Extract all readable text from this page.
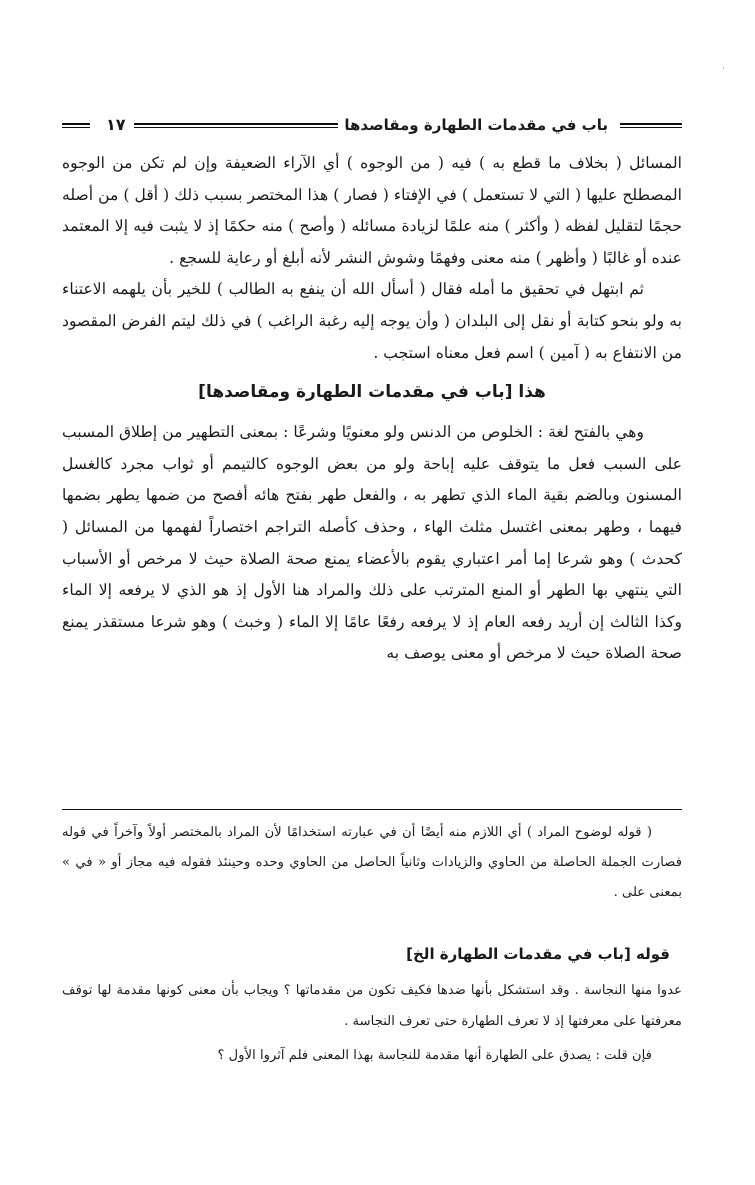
'
١٧	باب في مقدمات الطهارة ومقاصدها

المسائل ( بخلاف ما قطع به ) فيه ( من الوجوه ) أي الآراء الضعيفة وإن لم تكن من الوجوه المصطلح عليها ( التي لا تستعمل ) في الإفتاء ( فصار ) هذا المختصر بسبب ذلك ( أقل ) من أصله حجمًا لتقليل لفظه ( وأكثر ) منه علمًا لزيادة مسائله ( وأصح ) منه حكمًا إذ لا يثبت فيه إلا المعتمد عنده أو غالبًا ( وأظهر ) منه معنى وفهمًا وشوش النشر لأنه أبلغ أو رعاية للسجع .

ثم ابتهل في تحقيق ما أمله فقال ( أسأل الله أن ينفع به الطالب ) للخير بأن يلهمه الاعتناء به ولو بنحو كتابة أو نقل إلى البلدان ( وأن يوجه إليه رغبة الراغب ) في ذلك ليتم الفرض المقصود من الانتفاع به ( آمين ) اسم فعل معناه استجب .

هذا [باب في مقدمات الطهارة ومقاصدها]

وهي بالفتح لغة : الخلوص من الدنس ولو معنويًا وشرعًا : بمعنى التطهير من إطلاق المسبب على السبب فعل ما يتوقف عليه إباحة ولو من بعض الوجوه كالتيمم أو ثواب مجرد كالغسل المسنون وبالضم بقية الماء الذي تطهر به ، والفعل طهر بفتح هائه أفصح من ضمها يطهر بضمها فيهما ، وطهر بمعنى اغتسل مثلث الهاء ، وحذف كأصله التراجم اختصاراً لفهمها من المسائل ( كحدث ) وهو شرعا إما أمر اعتباري يقوم بالأعضاء يمنع صحة الصلاة حيث لا مرخص أو الأسباب التي ينتهي بها الطهر أو المنع المترتب على ذلك والمراد هنا الأول إذ هو الذي لا يرفعه إلا الماء وكذا الثالث إن أريد رفعه العام إذ لا يرفعه رفعًا عامًا إلا الماء ( وخبث ) وهو شرعا مستقذر يمنع صحة الصلاة حيث لا مرخص أو معنى يوصف به

( قوله لوضوح المراد ) أي اللازم منه أيضًا أن في عبارته استخدامًا لأن المراد بالمختصر أولاً وآخراً في قوله فصارت الجملة الحاصلة من الحاوي والزيادات وثانياً الحاصل من الحاوي وحده وحينئذ فقوله فيه مجاز أو « في » بمعنى على .

قوله [باب في مقدمات الطهارة الخ]

عدوا منها النجاسة . وقد استشكل بأنها ضدها فكيف تكون من مقدماتها ؟ ويجاب بأن معنى كونها مقدمة لها توقف معرفتها على معرفتها إذ لا تعرف الطهارة حتى تعرف النجاسة .

فإن قلت : يصدق على الطهارة أنها مقدمة للنجاسة بهذا المعنى فلم آثروا الأول ؟
